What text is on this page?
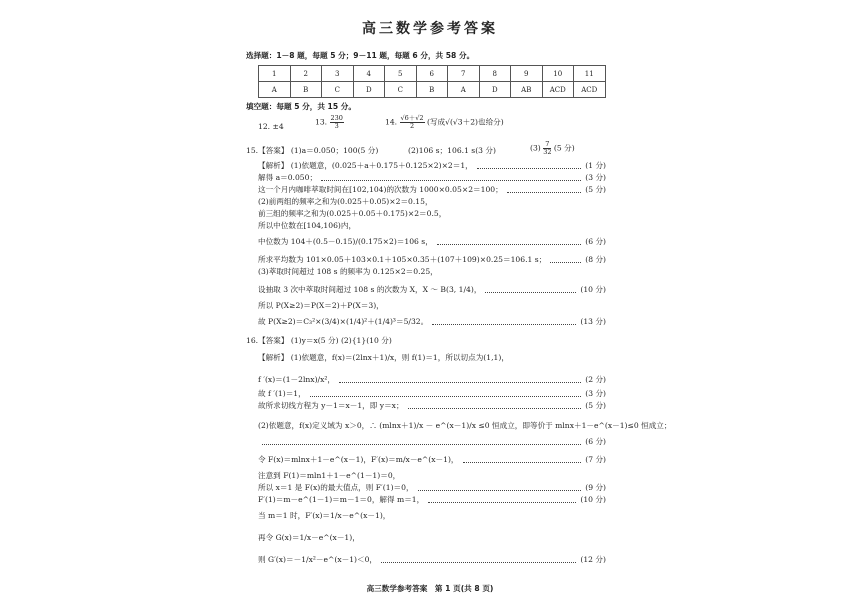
高三数学参考答案
选择题：1－8 题，每题 5 分；9－11 题，每题 6 分，共 58 分。
1	2	3	4	5	6	7	8	9	10	11
A	B	C	D	C	B	A	D	AB	ACD	ACD
填空题：每题 5 分，共 15 分。
12. ±4
13. $\frac{230}{3}$	14. $\frac{√6+√2}{2}$ (写成√(√3＋2)也给分)
15.【答案】 (1)a＝0.050；100(5 分)	(2)106 s；106.1 s(3 分)	$(3) \frac{7}{32} (5$ 分)
【解析】 (1)依题意，(0.025＋a＋0.175＋0.125×2)×2＝1，	(1 分)
解得 a＝0.050；	(3 分)
这一个月内咖啡萃取时间在[102,104)的次数为 1000×0.05×2＝100；	(5 分)
(2)前两组的频率之和为(0.025＋0.05)×2＝0.15，
前三组的频率之和为(0.025＋0.05＋0.175)×2＝0.5，
所以中位数在[104,106)内，
中位数为 104＋(0.5－0.15)/(0.175×2)＝106 s，	(6 分)
所求平均数为 101×0.05＋103×0.1＋105×0.35＋(107＋109)×0.25＝106.1 s；	(8 分)
(3)萃取时间超过 108 s 的频率为 0.125×2＝0.25，
设抽取 3 次中萃取时间超过 108 s 的次数为 X，X ～ B(3, 1/4)，	(10 分)
所以 P(X≥2)＝P(X＝2)＋P(X＝3)，
故 P(X≥2)＝C₃²×(3/4)×(1/4)²＋(1/4)³＝5/32。	(13 分)
16.【答案】 (1)y＝x(5 分) (2){1}(10 分)
【解析】 (1)依题意，f(x)＝(2lnx＋1)/x，则 f(1)＝1，所以切点为(1,1)，
f ′(x)＝(1－2lnx)/x²，	(2 分)
故 f ′(1)＝1，	(3 分)
故所求切线方程为 y－1＝x－1，即 y＝x；	(5 分)
(2)依题意，f(x)定义域为 x＞0，∴ (mlnx＋1)/x － e^(x－1)/x ≤0 恒成立，即等价于 mlnx＋1－e^(x－1)≤0 恒成立；
(6 分)
令 F(x)＝mlnx＋1－e^(x－1)，F′(x)＝m/x－e^(x－1)，	(7 分)
注意到 F(1)＝mln1＋1－e^(1－1)＝0，
所以 x＝1 是 F(x)的最大值点，则 F′(1)＝0，	(9 分)
F′(1)＝m－e^(1－1)＝m－1＝0，解得 m＝1，	(10 分)
当 m＝1 时，F′(x)＝1/x－e^(x－1)，
再令 G(x)＝1/x－e^(x－1)，
则 G′(x)＝－1/x²－e^(x－1)＜0，	(12 分)
高三数学参考答案　第 1 页(共 8 页)
